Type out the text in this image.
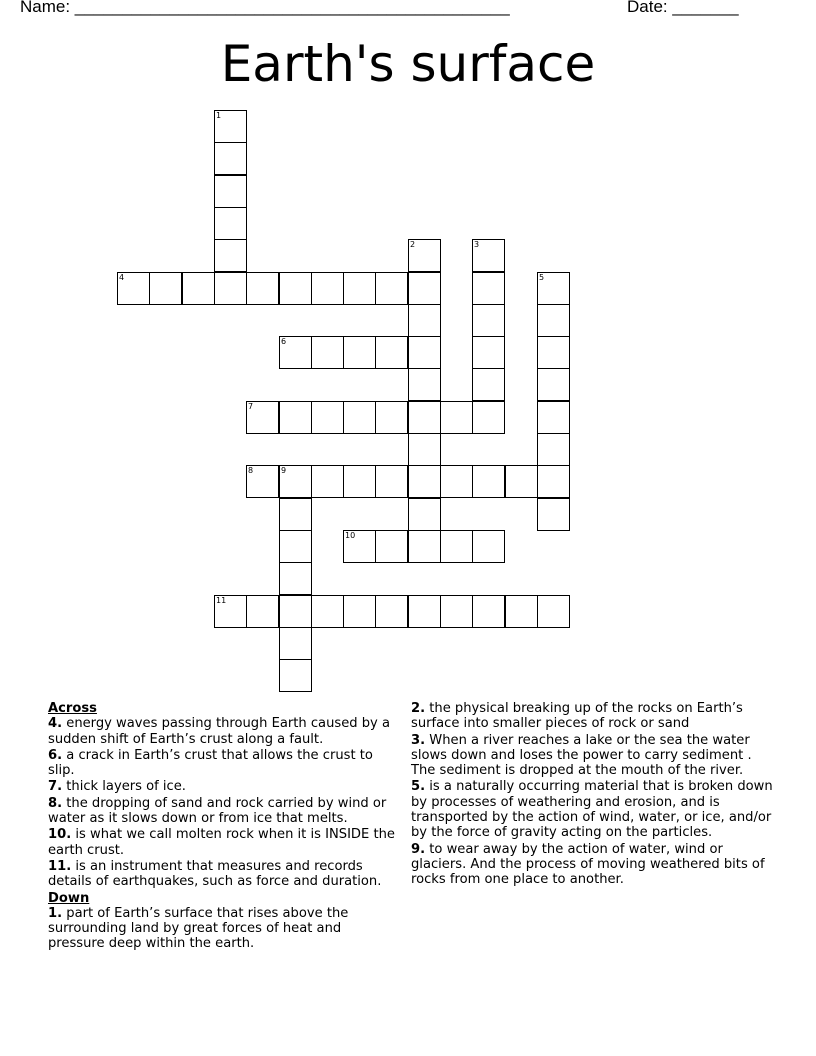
Name: ______________________________________________	Date: _______
Earth's surface
1
2	3
4	5
6
7
8	9
10
11
Across
4. energy waves passing through Earth caused by a sudden shift of Earth’s crust along a fault.
6. a crack in Earth’s crust that allows the crust to slip.
7. thick layers of ice.
8. the dropping of sand and rock carried by wind or water as it slows down or from ice that melts.
10. is what we call molten rock when it is INSIDE the earth crust.
11. is an instrument that measures and records details of earthquakes, such as force and duration.
Down
1. part of Earth’s surface that rises above the surrounding land by great forces of heat and pressure deep within the earth.
2. the physical breaking up of the rocks on Earth’s surface into smaller pieces of rock or sand
3. When a river reaches a lake or the sea the water slows down and loses the power to carry sediment . The sediment is dropped at the mouth of the river.
5. is a naturally occurring material that is broken down by processes of weathering and erosion, and is transported by the action of wind, water, or ice, and/or by the force of gravity acting on the particles.
9. to wear away by the action of water, wind or glaciers. And the process of moving weathered bits of rocks from one place to another.
